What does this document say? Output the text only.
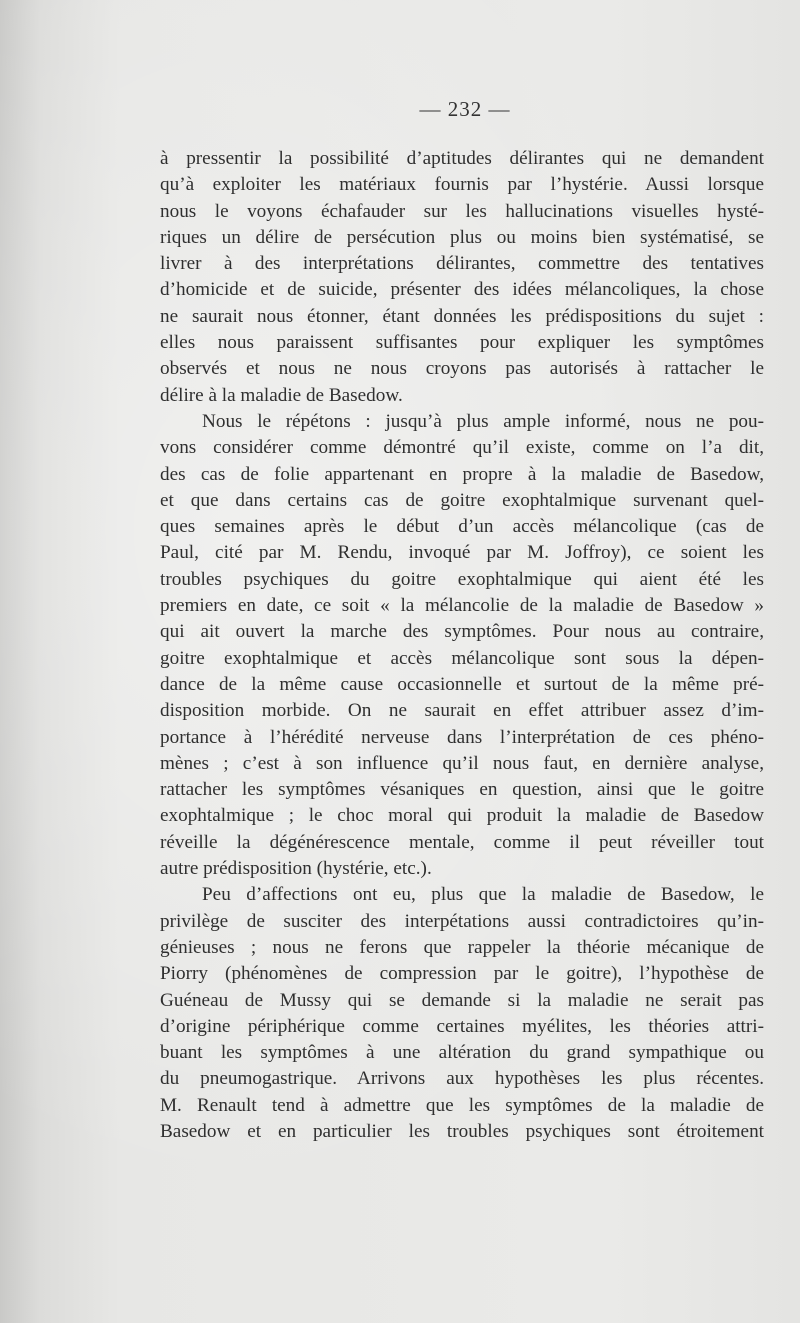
— 232 —
à pressentir la possibilité d’aptitudes délirantes qui ne demandent
qu’à exploiter les matériaux fournis par l’hystérie. Aussi lorsque
nous le voyons échafauder sur les hallucinations visuelles hysté-
riques un délire de persécution plus ou moins bien systématisé, se
livrer à des interprétations délirantes, commettre des tentatives
d’homicide et de suicide, présenter des idées mélancoliques, la chose
ne saurait nous étonner, étant données les prédispositions du sujet :
elles nous paraissent suffisantes pour expliquer les symptômes
observés et nous ne nous croyons pas autorisés à rattacher le
délire à la maladie de Basedow.
Nous le répétons : jusqu’à plus ample informé, nous ne pou-
vons considérer comme démontré qu’il existe, comme on l’a dit,
des cas de folie appartenant en propre à la maladie de Basedow,
et que dans certains cas de goitre exophtalmique survenant quel-
ques semaines après le début d’un accès mélancolique (cas de
Paul, cité par M. Rendu, invoqué par M. Joffroy), ce soient les
troubles psychiques du goitre exophtalmique qui aient été les
premiers en date, ce soit « la mélancolie de la maladie de Basedow »
qui ait ouvert la marche des symptômes. Pour nous au contraire,
goitre exophtalmique et accès mélancolique sont sous la dépen-
dance de la même cause occasionnelle et surtout de la même pré-
disposition morbide. On ne saurait en effet attribuer assez d’im-
portance à l’hérédité nerveuse dans l’interprétation de ces phéno-
mènes ; c’est à son influence qu’il nous faut, en dernière analyse,
rattacher les symptômes vésaniques en question, ainsi que le goitre
exophtalmique ; le choc moral qui produit la maladie de Basedow
réveille la dégénérescence mentale, comme il peut réveiller tout
autre prédisposition (hystérie, etc.).
Peu d’affections ont eu, plus que la maladie de Basedow, le
privilège de susciter des interpétations aussi contradictoires qu’in-
génieuses ; nous ne ferons que rappeler la théorie mécanique de
Piorry (phénomènes de compression par le goitre), l’hypothèse de
Guéneau de Mussy qui se demande si la maladie ne serait pas
d’origine périphérique comme certaines myélites, les théories attri-
buant les symptômes à une altération du grand sympathique ou
du pneumogastrique. Arrivons aux hypothèses les plus récentes.
M. Renault tend à admettre que les symptômes de la maladie de
Basedow et en particulier les troubles psychiques sont étroitement
